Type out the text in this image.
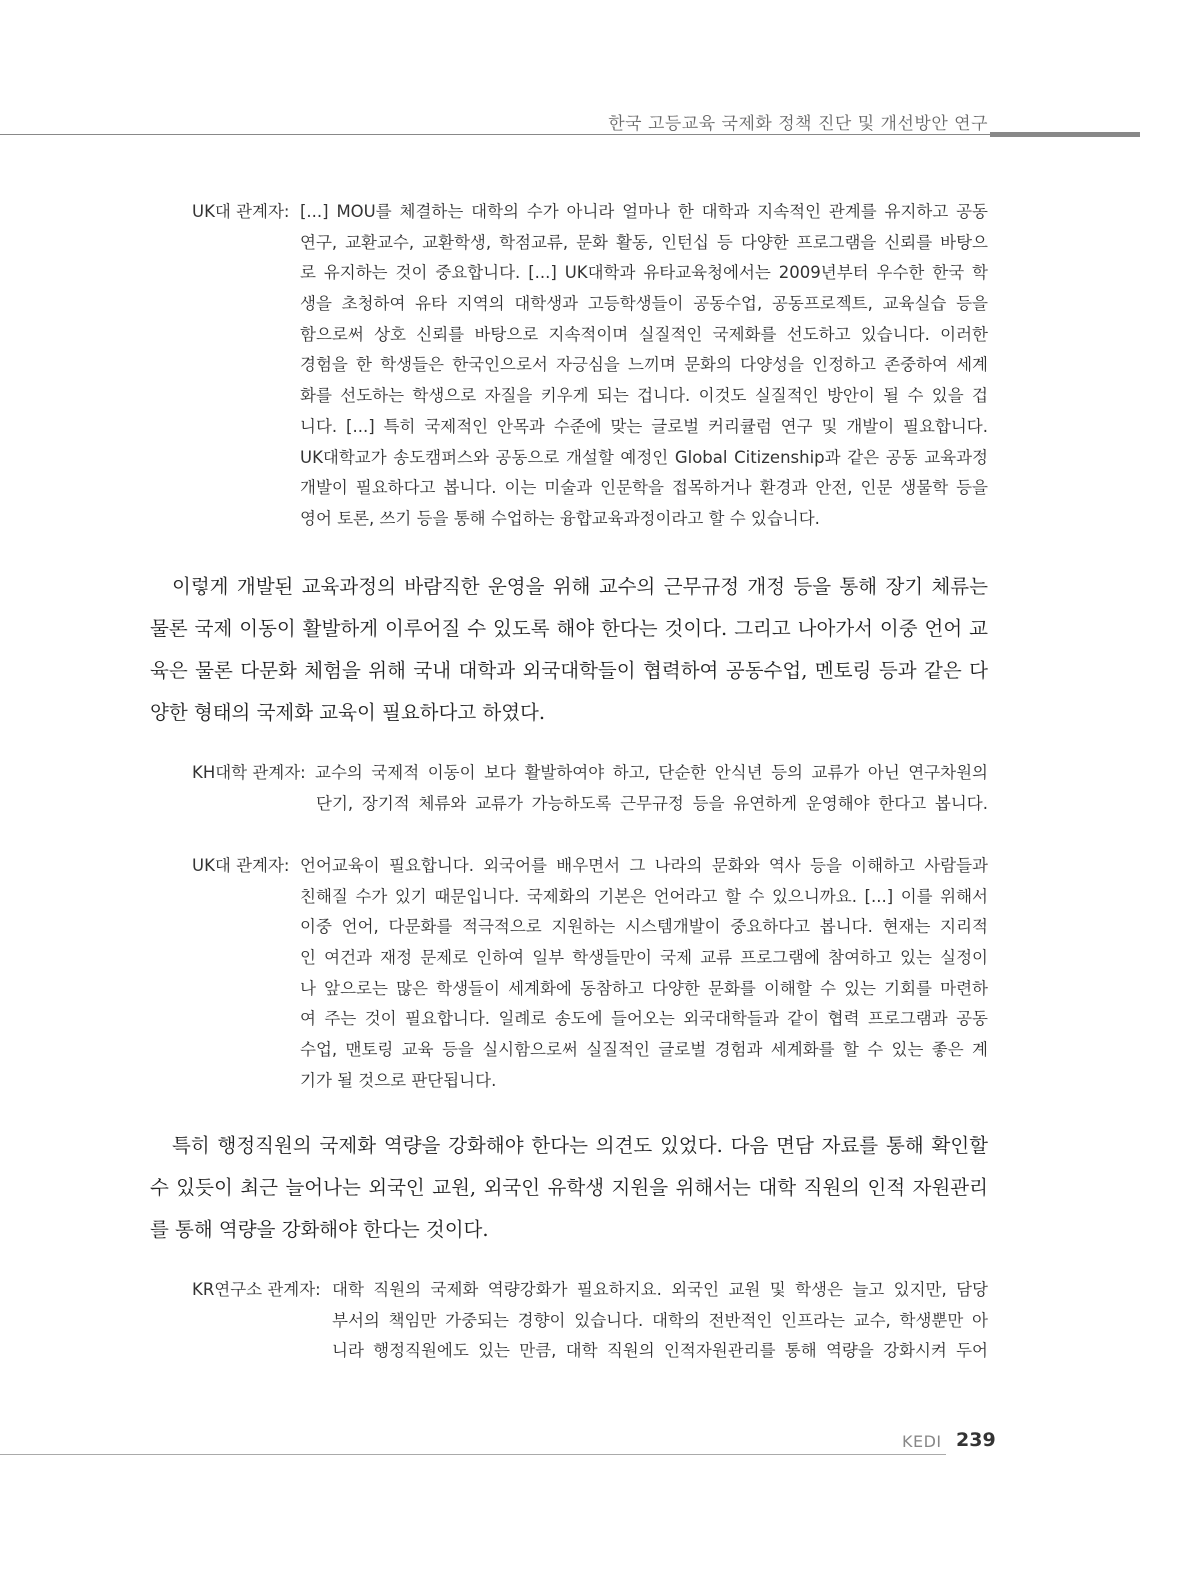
한국 고등교육 국제화 정책 진단 및 개선방안 연구
UK대 관계자: [...] MOU를 체결하는 대학의 수가 아니라 얼마나 한 대학과 지속적인 관계를 유지하고 공동
연구, 교환교수, 교환학생, 학점교류, 문화 활동, 인턴십 등 다양한 프로그램을 신뢰를 바탕으
로 유지하는 것이 중요합니다. [...] UK대학과 유타교육청에서는 2009년부터 우수한 한국 학
생을 초청하여 유타 지역의 대학생과 고등학생들이 공동수업, 공동프로젝트, 교육실습 등을
함으로써 상호 신뢰를 바탕으로 지속적이며 실질적인 국제화를 선도하고 있습니다. 이러한
경험을 한 학생들은 한국인으로서 자긍심을 느끼며 문화의 다양성을 인정하고 존중하여 세계
화를 선도하는 학생으로 자질을 키우게 되는 겁니다. 이것도 실질적인 방안이 될 수 있을 겁
니다. [...] 특히 국제적인 안목과 수준에 맞는 글로벌 커리큘럼 연구 및 개발이 필요합니다.
UK대학교가 송도캠퍼스와 공동으로 개설할 예정인 Global Citizenship과 같은 공동 교육과정
개발이 필요하다고 봅니다. 이는 미술과 인문학을 접목하거나 환경과 안전, 인문 생물학 등을
영어 토론, 쓰기 등을 통해 수업하는 융합교육과정이라고 할 수 있습니다.
이렇게 개발된 교육과정의 바람직한 운영을 위해 교수의 근무규정 개정 등을 통해 장기 체류는
물론 국제 이동이 활발하게 이루어질 수 있도록 해야 한다는 것이다. 그리고 나아가서 이중 언어 교
육은 물론 다문화 체험을 위해 국내 대학과 외국대학들이 협력하여 공동수업, 멘토링 등과 같은 다
양한 형태의 국제화 교육이 필요하다고 하였다.
KH대학 관계자: 교수의 국제적 이동이 보다 활발하여야 하고, 단순한 안식년 등의 교류가 아닌 연구차원의
단기, 장기적 체류와 교류가 가능하도록 근무규정 등을 유연하게 운영해야 한다고 봅니다.
UK대 관계자: 언어교육이 필요합니다. 외국어를 배우면서 그 나라의 문화와 역사 등을 이해하고 사람들과
친해질 수가 있기 때문입니다. 국제화의 기본은 언어라고 할 수 있으니까요. [...] 이를 위해서
이중 언어, 다문화를 적극적으로 지원하는 시스템개발이 중요하다고 봅니다. 현재는 지리적
인 여건과 재정 문제로 인하여 일부 학생들만이 국제 교류 프로그램에 참여하고 있는 실정이
나 앞으로는 많은 학생들이 세계화에 동참하고 다양한 문화를 이해할 수 있는 기회를 마련하
여 주는 것이 필요합니다. 일례로 송도에 들어오는 외국대학들과 같이 협력 프로그램과 공동
수업, 맨토링 교육 등을 실시함으로써 실질적인 글로벌 경험과 세계화를 할 수 있는 좋은 계
기가 될 것으로 판단됩니다.
특히 행정직원의 국제화 역량을 강화해야 한다는 의견도 있었다. 다음 면담 자료를 통해 확인할
수 있듯이 최근 늘어나는 외국인 교원, 외국인 유학생 지원을 위해서는 대학 직원의 인적 자원관리
를 통해 역량을 강화해야 한다는 것이다.
KR연구소 관계자: 대학 직원의 국제화 역량강화가 필요하지요. 외국인 교원 및 학생은 늘고 있지만, 담당
부서의 책임만 가중되는 경향이 있습니다. 대학의 전반적인 인프라는 교수, 학생뿐만 아
니라 행정직원에도 있는 만큼, 대학 직원의 인적자원관리를 통해 역량을 강화시켜 두어
KEDI 239
